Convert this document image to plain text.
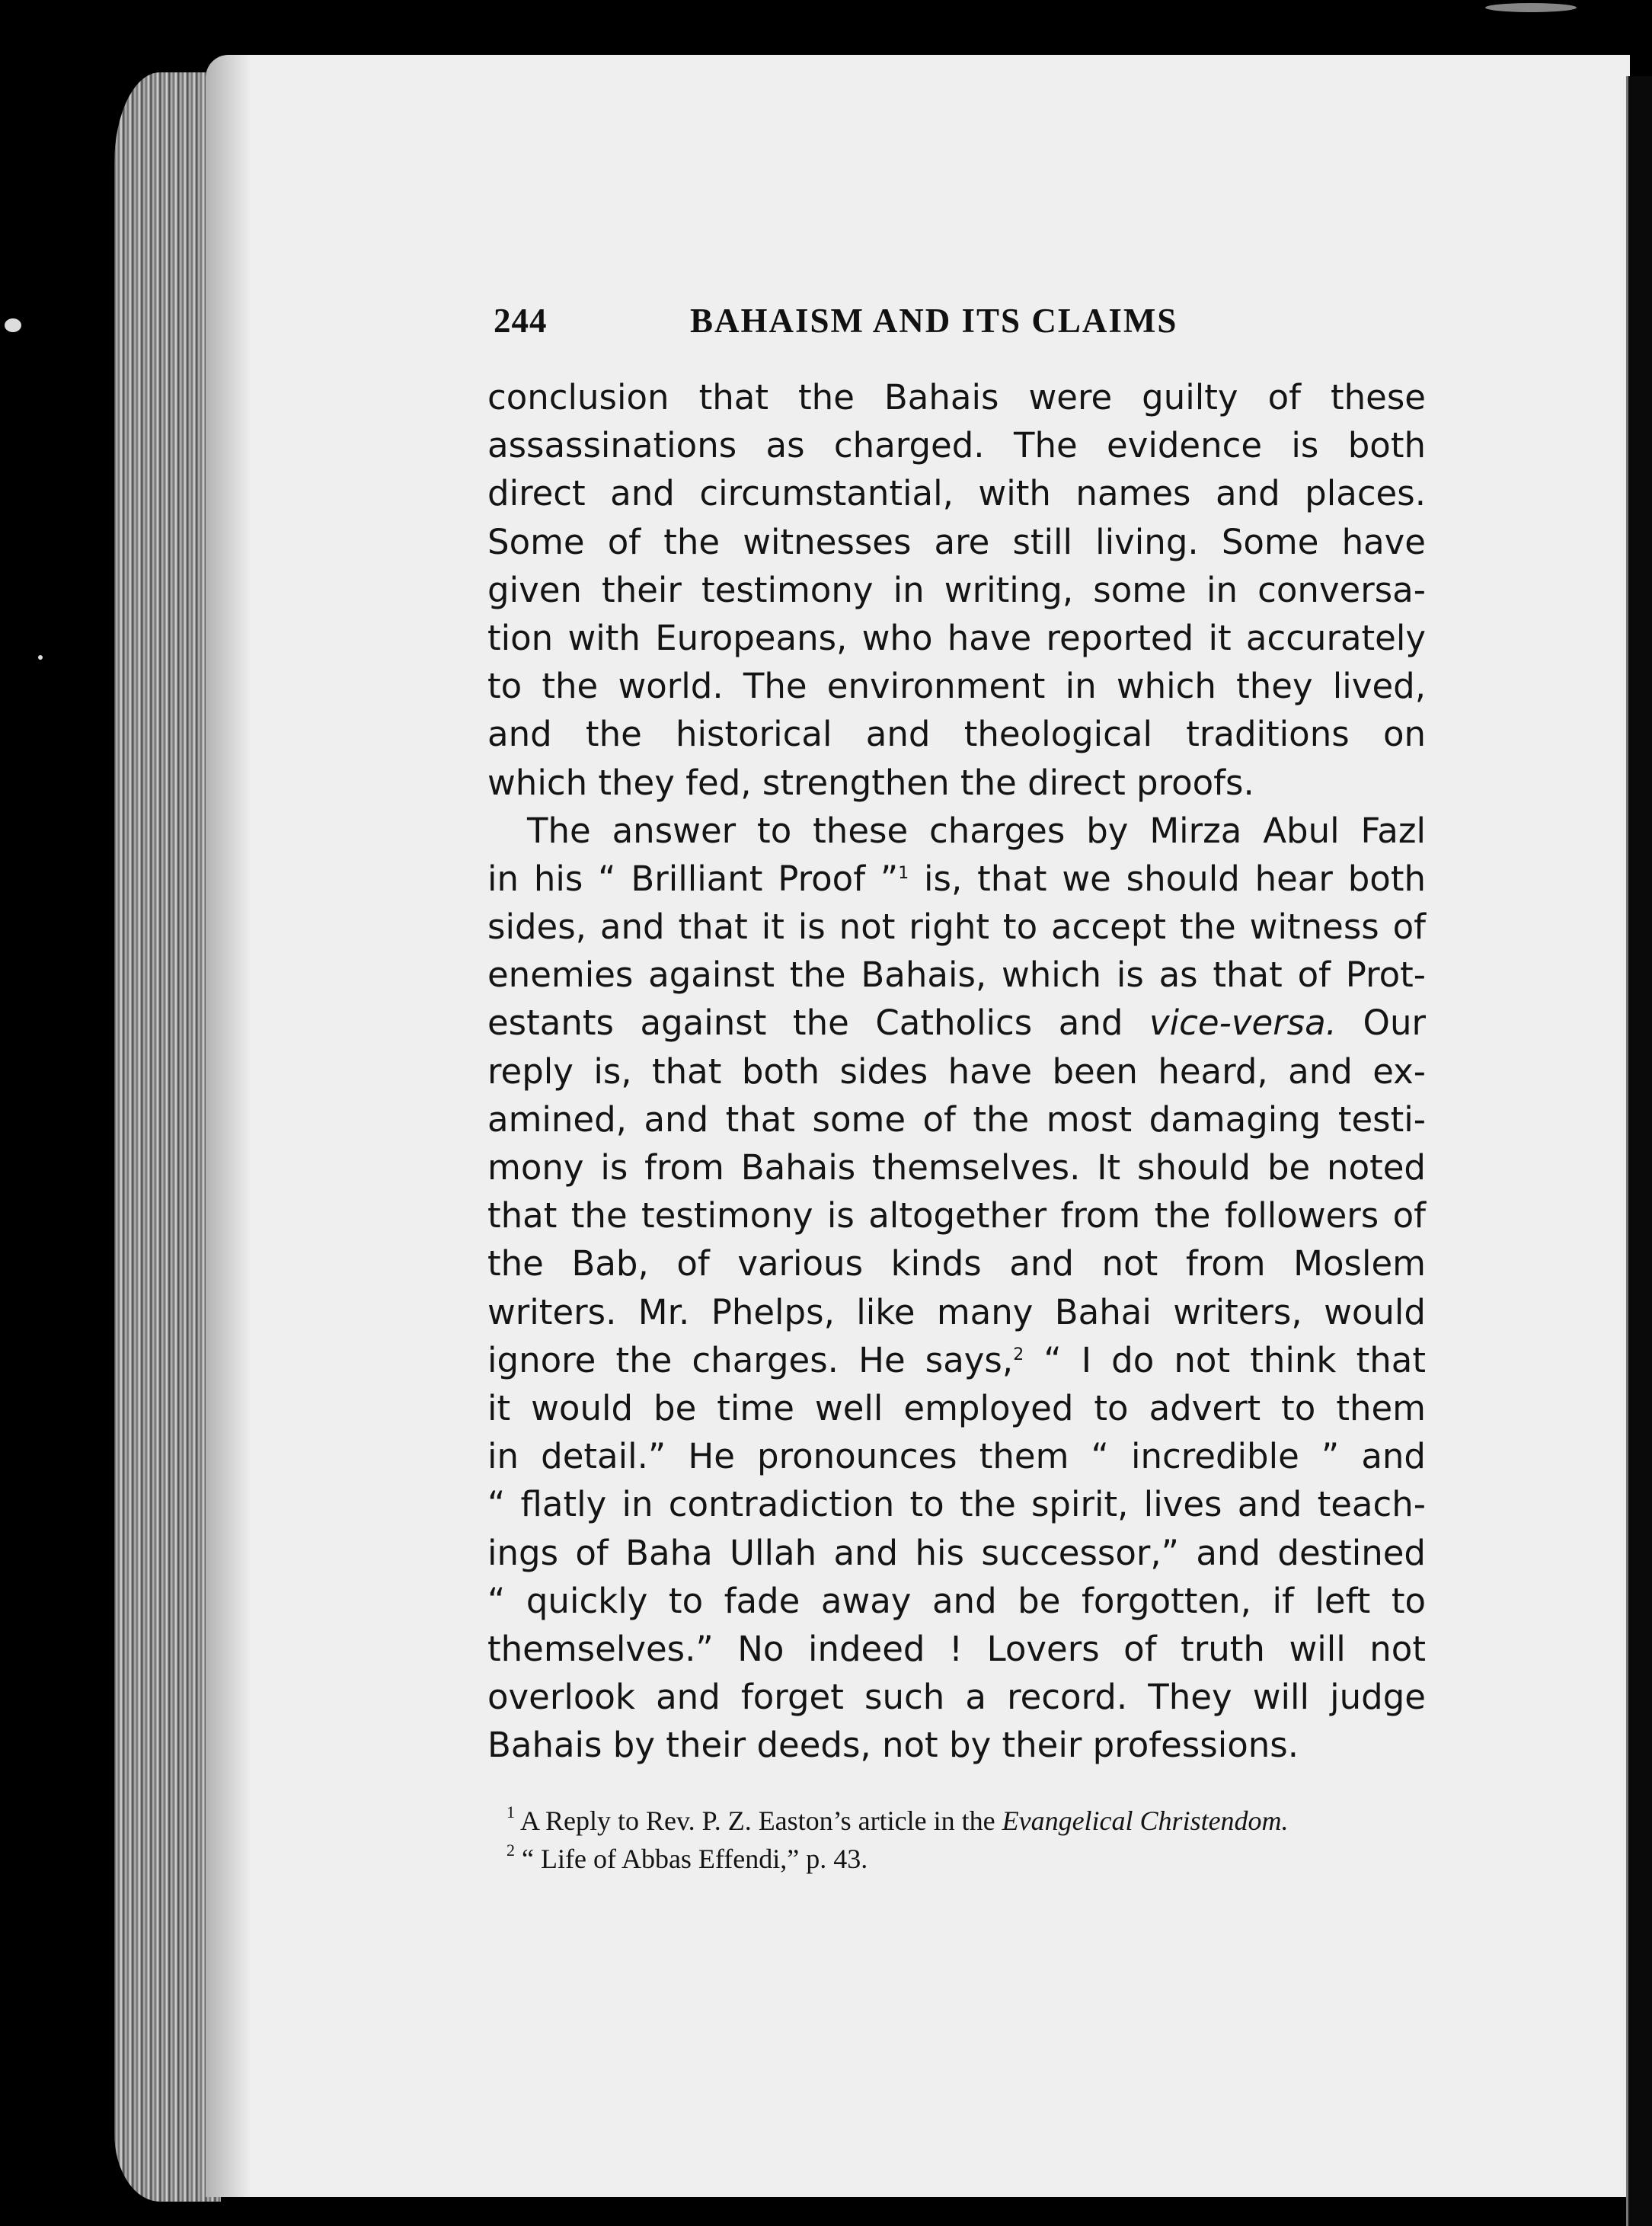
244	BAHAISM AND ITS CLAIMS
conclusion that the Bahais were guilty of these
assassinations as charged. The evidence is both
direct and circumstantial, with names and places.
Some of the witnesses are still living. Some have
given their testimony in writing, some in conversa-
tion with Europeans, who have reported it accurately
to the world. The environment in which they lived,
and the historical and theological traditions on
which they fed, strengthen the direct proofs.
The answer to these charges by Mirza Abul Fazl
in his “ Brilliant Proof ”$^1$ is, that we should hear both
sides, and that it is not right to accept the witness of
enemies against the Bahais, which is as that of Prot-
estants against the Catholics and vice-versa. Our
reply is, that both sides have been heard, and ex-
amined, and that some of the most damaging testi-
mony is from Bahais themselves. It should be noted
that the testimony is altogether from the followers of
the Bab, of various kinds and not from Moslem
writers. Mr. Phelps, like many Bahai writers, would
ignore the charges. He says,$^2$ “ I do not think that
it would be time well employed to advert to them
in detail.” He pronounces them “ incredible ” and
“ flatly in contradiction to the spirit, lives and teach-
ings of Baha Ullah and his successor,” and destined
“ quickly to fade away and be forgotten, if left to
themselves.” No indeed ! Lovers of truth will not
overlook and forget such a record. They will judge
Bahais by their deeds, not by their professions.
$^1$ A Reply to Rev. P. Z. Easton’s article in the Evangelical Christendom.
$^2$ “ Life of Abbas Effendi,” p. 43.
